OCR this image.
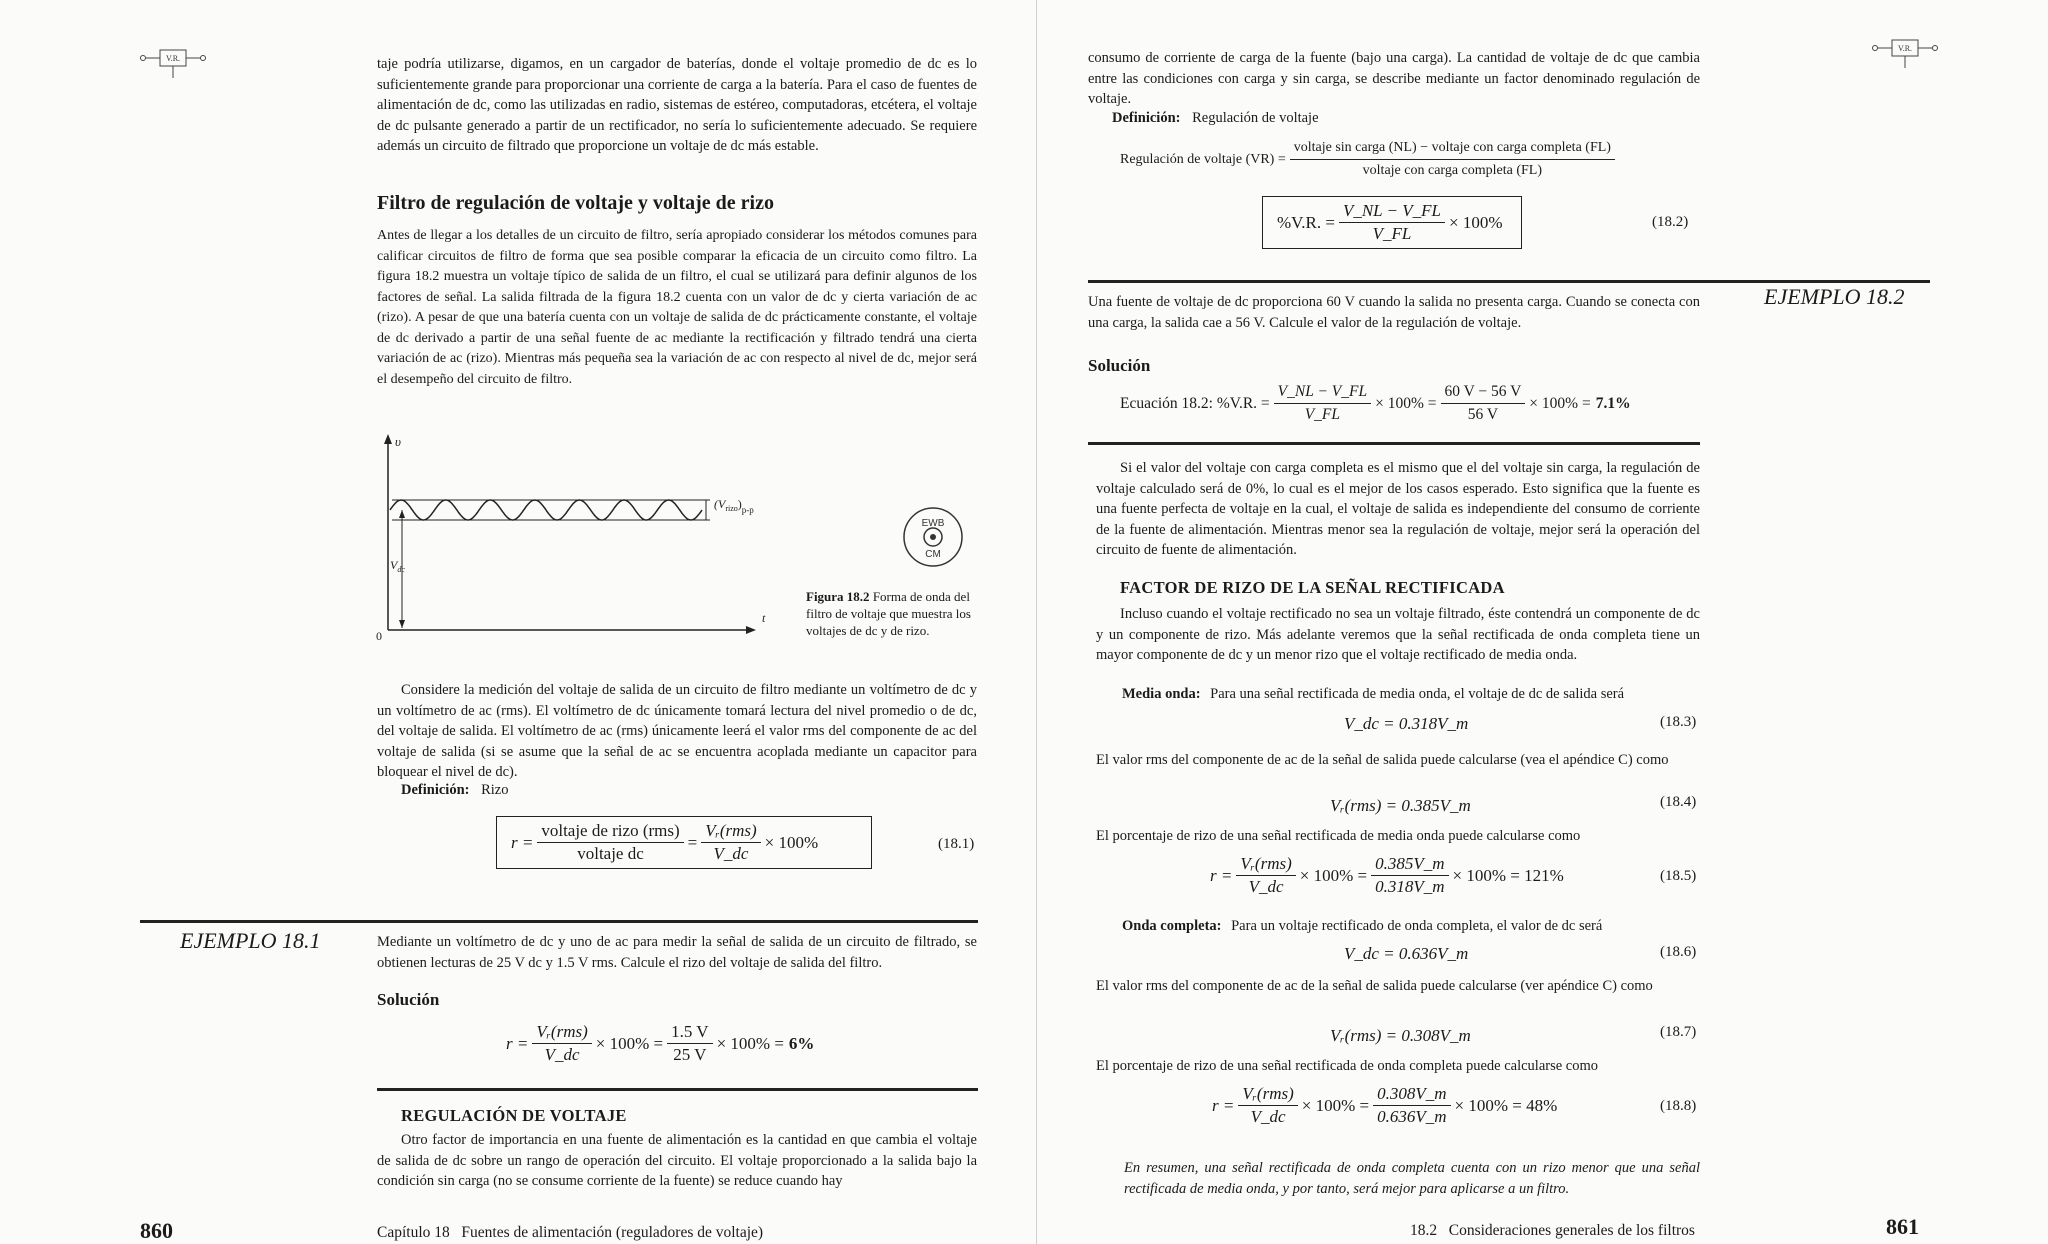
V.R.	taje podría utilizarse, digamos, en un cargador de baterías, donde el voltaje promedio de dc es lo suficientemente grande para proporcionar una corriente de carga a la batería. Para el caso de fuentes de alimentación de dc, como las utilizadas en radio, sistemas de estéreo, computadoras, etcétera, el voltaje de dc pulsante generado a partir de un rectificador, no sería lo suficientemente adecuado. Se requiere además un circuito de filtrado que proporcione un voltaje de dc más estable.

Filtro de regulación de voltaje y voltaje de rizo

Antes de llegar a los detalles de un circuito de filtro, sería apropiado considerar los métodos comunes para calificar circuitos de filtro de forma que sea posible comparar la eficacia de un circuito como filtro. La figura 18.2 muestra un voltaje típico de salida de un filtro, el cual se utilizará para definir algunos de los factores de señal. La salida filtrada de la figura 18.2 cuenta con un valor de dc y cierta variación de ac (rizo). A pesar de que una batería cuenta con un voltaje de salida de dc prácticamente constante, el voltaje de dc derivado a partir de una señal fuente de ac mediante la rectificación y filtrado tendrá una cierta variación de ac (rizo). Mientras más pequeña sea la variación de ac con respecto al nivel de dc, mejor será el desempeño del circuito de filtro.

υ
$V_{dc}$
0
t
$(V_{rizo})_{p-p}$
EWB
CM
Figura 18.2 Forma de onda del filtro de voltaje que muestra los voltajes de dc y de rizo.

Considere la medición del voltaje de salida de un circuito de filtro mediante un voltímetro de dc y un voltímetro de ac (rms). El voltímetro de dc únicamente tomará lectura del nivel promedio o de dc, del voltaje de salida. El voltímetro de ac (rms) únicamente leerá el valor rms del componente de ac del voltaje de salida (si se asume que la señal de ac se encuentra acoplada mediante un capacitor para bloquear el nivel de dc).

Definición: Rizo
$r = \frac{\text{voltaje de rizo (rms)}}{\text{voltaje dc}} = \frac{\text{Vᵣ(rms)}}{V\_dc} \times 100\%$	(18.1)
EJEMPLO 18.1	Mediante un voltímetro de dc y uno de ac para medir la señal de salida de un circuito de filtrado, se obtienen lecturas de 25 V dc y 1.5 V rms. Calcule el rizo del voltaje de salida del filtro.

Solución
$r = \frac{\text{Vᵣ(rms)}}{V\_dc} \times 100\% = \frac{1.5 V}{25 V} \times 100\% = 6\%$
REGULACIÓN DE VOLTAJE

Otro factor de importancia en una fuente de alimentación es la cantidad en que cambia el voltaje de salida de dc sobre un rango de operación del circuito. El voltaje proporcionado a la salida bajo la condición sin carga (no se consume corriente de la fuente) se reduce cuando hay

860	Capítulo 18   Fuentes de alimentación (reguladores de voltaje)

consumo de corriente de carga de la fuente (bajo una carga). La cantidad de voltaje de dc que cambia entre las condiciones con carga y sin carga, se describe mediante un factor denominado regulación de voltaje.

V.R.
Definición: Regulación de voltaje
Regulación de voltaje $(VR) = \frac{\text{voltaje sin carga (NL) − voltaje con carga completa (FL)}}{\text{voltaje con carga completa (FL)}}$
%V.R. = $\frac{V\_NL - V\_FL}{V\_FL} \times 100\%$	(18.2)
EJEMPLO 18.2

Una fuente de voltaje de dc proporciona 60 V cuando la salida no presenta carga. Cuando se conecta con una carga, la salida cae a 56 V. Calcule el valor de la regulación de voltaje.

Solución
Ecuación 18.2: %V.R. = $\frac{V\_NL - V\_FL}{V\_FL} \times 100\% = \frac{60 V - 56 V}{56 V} \times 100\% = 7.1\%$

Si el valor del voltaje con carga completa es el mismo que el del voltaje sin carga, la regulación de voltaje calculado será de 0%, lo cual es el mejor de los casos esperado. Esto significa que la fuente es una fuente perfecta de voltaje en la cual, el voltaje de salida es independiente del consumo de corriente de la fuente de alimentación. Mientras menor sea la regulación de voltaje, mejor será la operación del circuito de fuente de alimentación.

FACTOR DE RIZO DE LA SEÑAL RECTIFICADA

Incluso cuando el voltaje rectificado no sea un voltaje filtrado, éste contendrá un componente de dc y un componente de rizo. Más adelante veremos que la señal rectificada de onda completa tiene un mayor componente de dc y un menor rizo que el voltaje rectificado de media onda.

Media onda: Para una señal rectificada de media onda, el voltaje de dc de salida será
V_dc = 0.318V_m	(18.3)

El valor rms del componente de ac de la señal de salida puede calcularse (vea el apéndice C) como

Vᵣ(rms) = 0.385V_m	(18.4)

El porcentaje de rizo de una señal rectificada de media onda puede calcularse como

$r = \frac{\text{Vᵣ(rms)}}{V\_dc} \times 100\% = \frac{0.385V\_m}{0.318V\_m} \times 100\% = 121\%$	(18.5)
Onda completa: Para un voltaje rectificado de onda completa, el valor de dc será
V_dc = 0.636V_m	(18.6)

El valor rms del componente de ac de la señal de salida puede calcularse (ver apéndice C) como

Vᵣ(rms) = 0.308V_m	(18.7)

El porcentaje de rizo de una señal rectificada de onda completa puede calcularse como

$r = \frac{\text{Vᵣ(rms)}}{V\_dc} \times 100\% = \frac{0.308V\_m}{0.636V\_m} \times 100\% = 48\%$	(18.8)

En resumen, una señal rectificada de onda completa cuenta con un rizo menor que una señal rectificada de media onda, y por tanto, será mejor para aplicarse a un filtro.

18.2   Consideraciones generales de los filtros	861
